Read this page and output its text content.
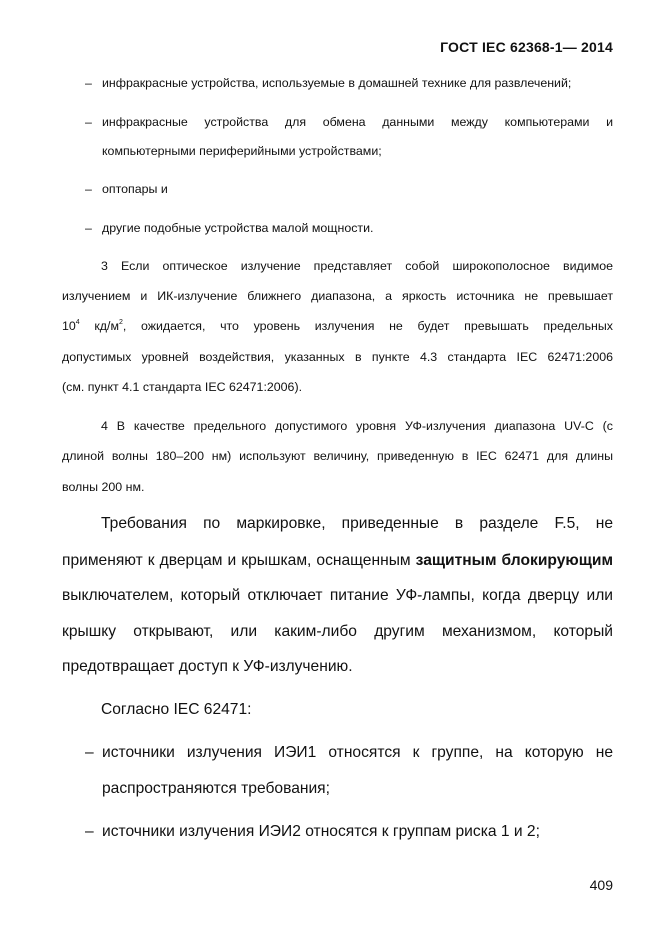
ГОСТ IEC 62368-1— 2014
– инфракрасные устройства, используемые в домашней технике для развлечений;
– инфракрасные устройства для обмена данными между компьютерами и
компьютерными периферийными устройствами;
– оптопары и
– другие подобные устройства малой мощности.
3 Если оптическое излучение представляет собой широкополосное видимое
излучением и ИК-излучение ближнего диапазона, а яркость источника не превышает
$10^4$ $кд/м^2$, ожидается, что уровень излучения не будет превышать предельных
допустимых уровней воздействия, указанных в пункте 4.3 стандарта IEC 62471:2006
(см. пункт 4.1 стандарта IEC 62471:2006).
4 В качестве предельного допустимого уровня УФ-излучения диапазона UV-C (с
длиной волны 180–200 нм) используют величину, приведенную в IEC 62471 для длины
волны 200 нм.
Требования по маркировке, приведенные в разделе F.5, не
применяют к дверцам и крышкам, оснащенным защитным блокирующим
выключателем, который отключает питание УФ-лампы, когда дверцу или
крышку открывают, или каким-либо другим механизмом, который
предотвращает доступ к УФ-излучению.
Согласно IEC 62471:
– источники излучения ИЭИ1 относятся к группе, на которую не
распространяются требования;
– источники излучения ИЭИ2 относятся к группам риска 1 и 2;
409
